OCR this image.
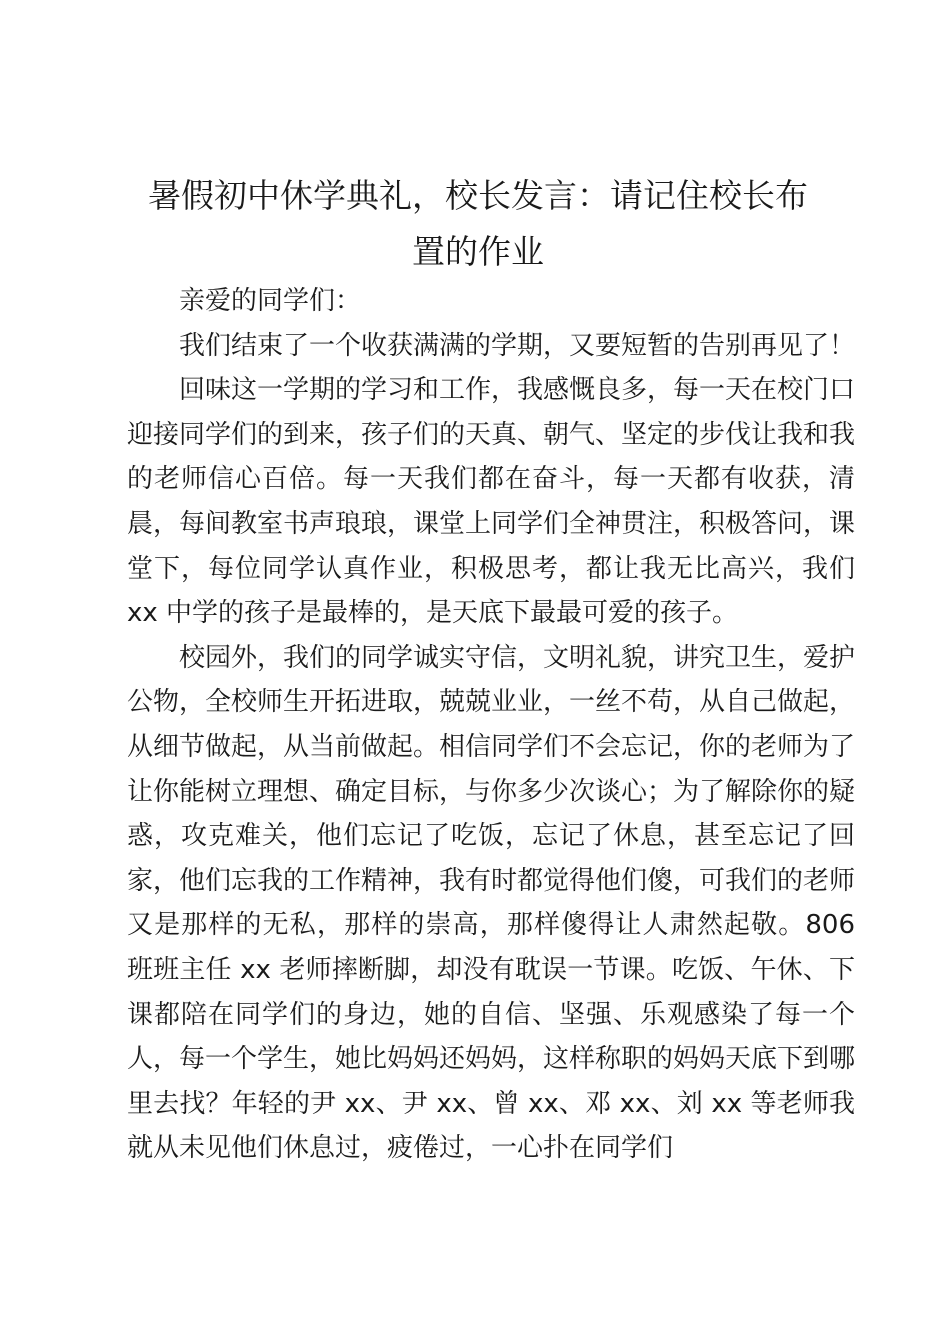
暑假初中休学典礼，校长发言：请记住校长布
置的作业

亲爱的同学们：

我们结束了一个收获满满的学期，又要短暂的告别再见了！

回味这一学期的学习和工作，我感慨良多，每一天在校门口迎接同学们的到来，孩子们的天真、朝气、坚定的步伐让我和我的老师信心百倍。每一天我们都在奋斗，每一天都有收获，清晨，每间教室书声琅琅，课堂上同学们全神贯注，积极答问，课堂下，每位同学认真作业，积极思考，都让我无比高兴，我们 xx 中学的孩子是最棒的，是天底下最最可爱的孩子。

校园外，我们的同学诚实守信，文明礼貌，讲究卫生，爱护公物，全校师生开拓进取，兢兢业业，一丝不苟，从自己做起，从细节做起，从当前做起。相信同学们不会忘记，你的老师为了让你能树立理想、确定目标，与你多少次谈心；为了解除你的疑惑，攻克难关，他们忘记了吃饭，忘记了休息，甚至忘记了回家，他们忘我的工作精神，我有时都觉得他们傻，可我们的老师又是那样的无私，那样的崇高，那样傻得让人肃然起敬。806 班班主任 xx 老师摔断脚，却没有耽误一节课。吃饭、午休、下课都陪在同学们的身边，她的自信、坚强、乐观感染了每一个人，每一个学生，她比妈妈还妈妈，这样称职的妈妈天底下到哪里去找？年轻的尹 xx、尹 xx、曾 xx、邓 xx、刘 xx 等老师我就从未见他们休息过，疲倦过，一心扑在同学们
